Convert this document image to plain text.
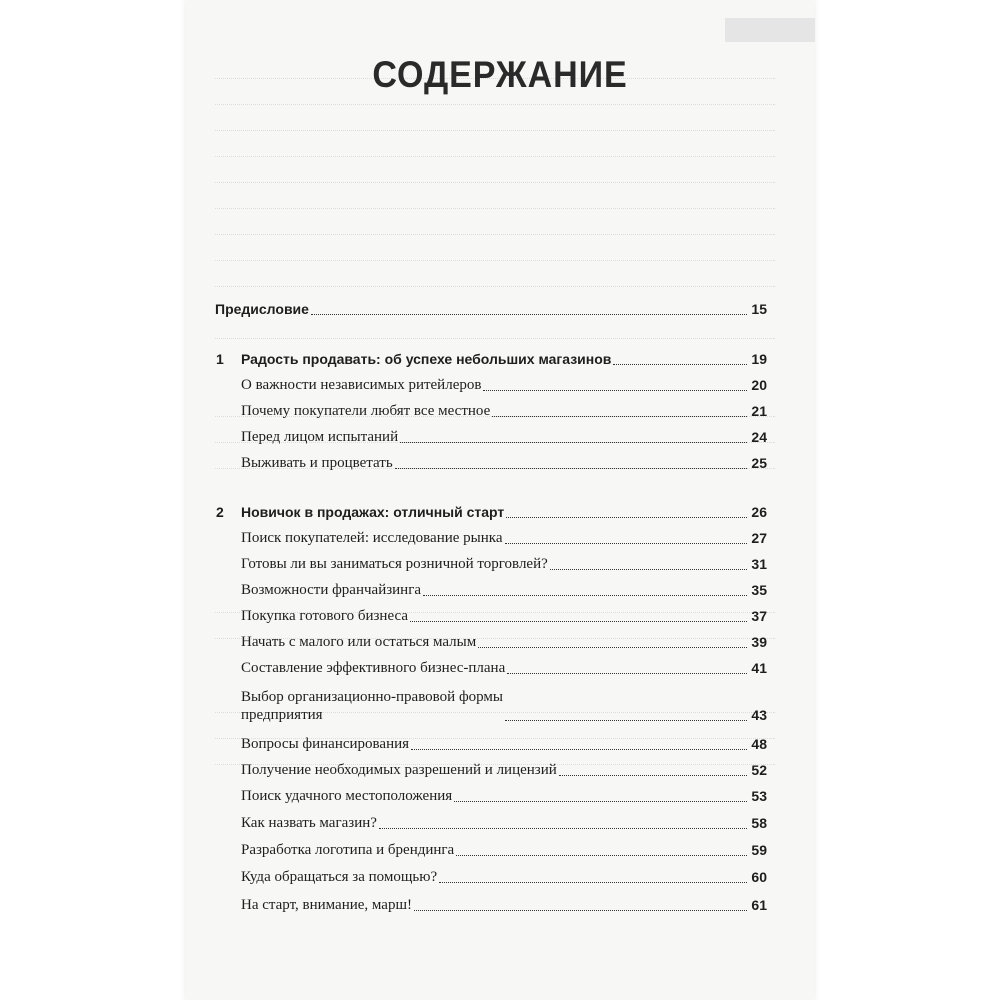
СОДЕРЖАНИЕ
Предисловие	15
1 Радость продавать: об успехе небольших магазинов	19
О важности независимых ритейлеров	20
Почему покупатели любят все местное	21
Перед лицом испытаний	24
Выживать и процветать	25
2 Новичок в продажах: отличный старт	26
Поиск покупателей: исследование рынка	27
Готовы ли вы заниматься розничной торговлей?	31
Возможности франчайзинга	35
Покупка готового бизнеса	37
Начать с малого или остаться малым	39
Составление эффективного бизнес-плана	41
Выбор организационно-правовой формы
предприятия	43
Вопросы финансирования	48
Получение необходимых разрешений и лицензий	52
Поиск удачного местоположения	53
Как назвать магазин?	58
Разработка логотипа и брендинга	59
Куда обращаться за помощью?	60
На старт, внимание, марш!	61
